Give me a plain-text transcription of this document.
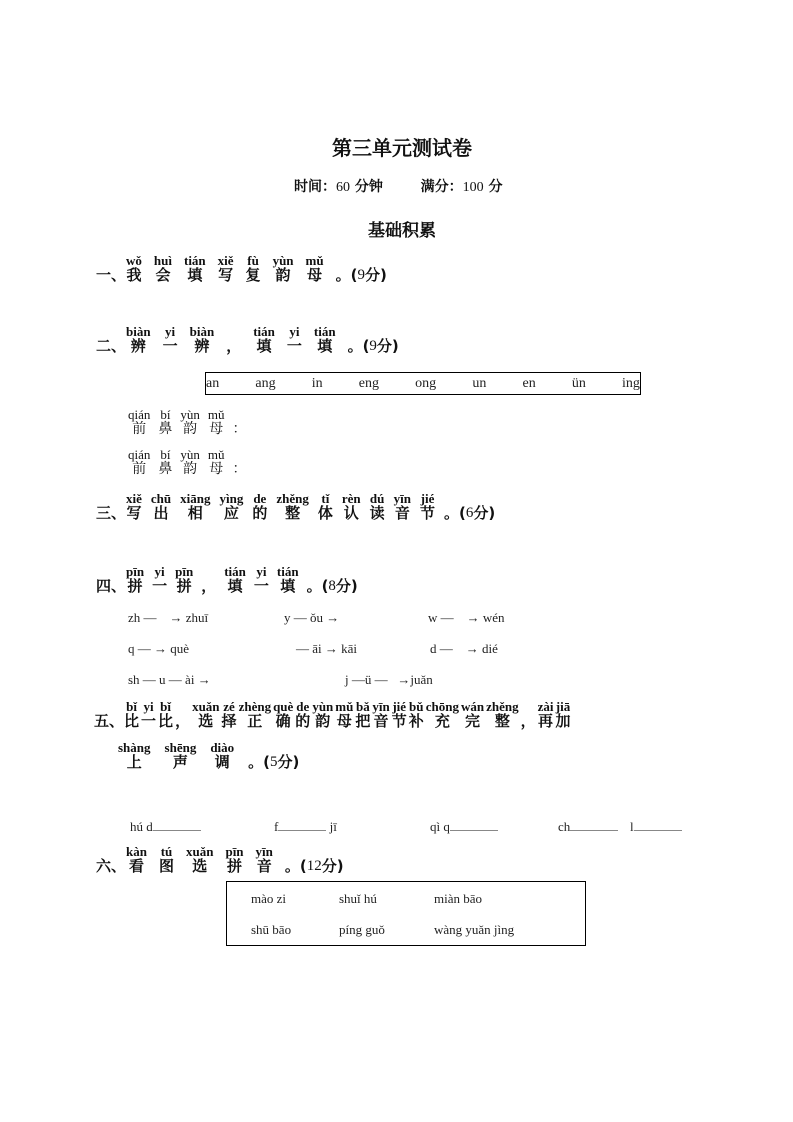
第三单元测试卷
时间：60 分钟	满分：100 分
基础积累
一、
wǒ
我
huì
会
tián
填
xiě
写
fù
复
yùn
韵
mǔ
母 。( 9 分)
二、
biàn
辨
yi
一
biàn
辨
，
tián
填
yi
一
tián
填 。( 9 分)
an	ang	in	eng	ong	un	en	ün	ing
qián
前
bí
鼻
yùn
韵
mǔ
母 ：
qián
前
bí
鼻
yùn
韵
mǔ
母 ：
三、
xiě
写
chū
出
xiāng
相
yìng
应
de
的
zhěng
整
tǐ
体
rèn
认
dú
读
yīn
音
jié
节 。( 6 分)
四、
pīn
拼
yi
一
pīn
拼
，
tián
填
yi
一
tián
填 。( 8 分)
zh —    → zhuī	y — ǒu →	w —    → wén
q — → què	— āi → kāi	d —    → dié
sh — u — ài →	j —ü —   →juǎn
五、
bǐ
比
yi
一
bǐ
比
，
xuǎn
选
zé
择
zhèng
正
què
确
de
的
yùn
韵
mǔ
母
bǎ
把
yīn
音
jié
节
bǔ
补
chōng
充
wán
完
zhěng
整
，
zài
再
jiā
加
shàng
上
shēng
声
diào
调 。( 5 分)
hú d	f	jī	qì q	ch	l
六、
kàn
看
tú
图
xuǎn
选
pīn
拼
yīn
音 。( 12 分)
mào zi	shuǐ hú	miàn bāo
shū bāo	píng guǒ	wàng yuǎn jìng
